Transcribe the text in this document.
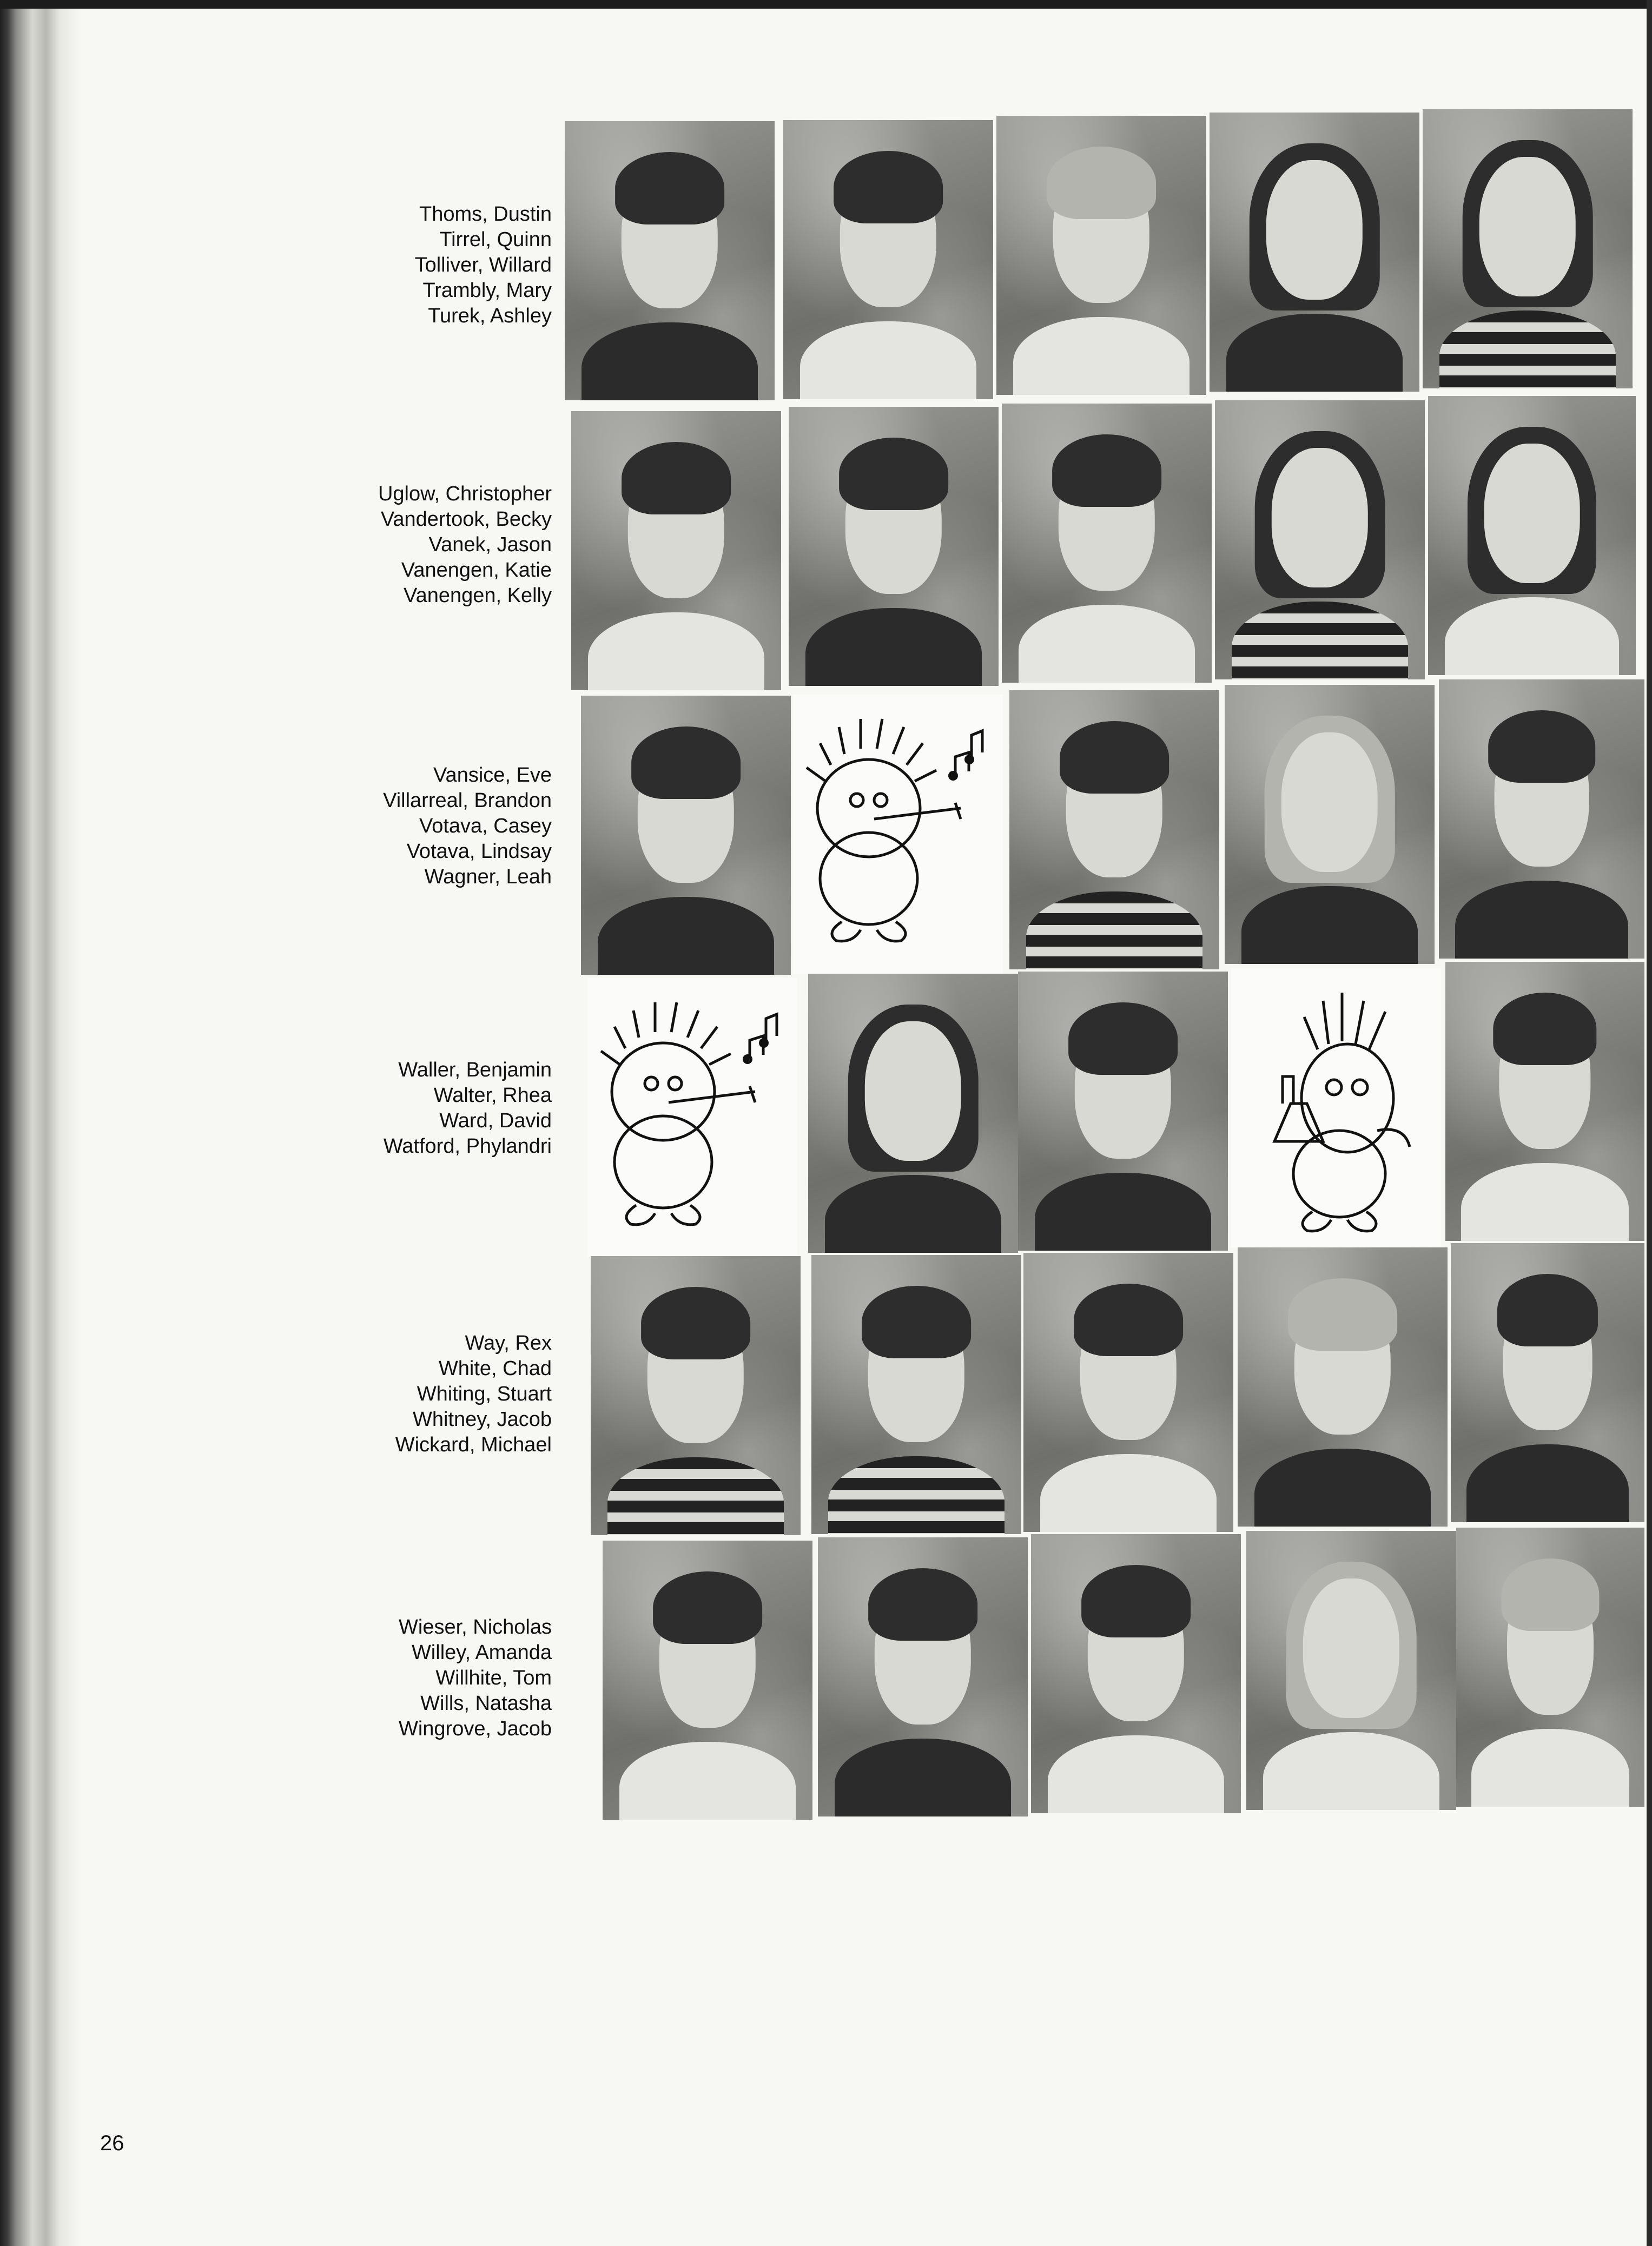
Thoms, Dustin
Tirrel, Quinn
Tolliver, Willard
Trambly, Mary
Turek, Ashley
Uglow, Christopher
Vandertook, Becky
Vanek, Jason
Vanengen, Katie
Vanengen, Kelly
Vansice, Eve
Villarreal, Brandon
Votava, Casey
Votava, Lindsay
Wagner, Leah
Waller, Benjamin
Walter, Rhea
Ward, David
Watford, Phylandri
Way, Rex
White, Chad
Whiting, Stuart
Whitney, Jacob
Wickard, Michael
Wieser, Nicholas
Willey, Amanda
Willhite, Tom
Wills, Natasha
Wingrove, Jacob
26
